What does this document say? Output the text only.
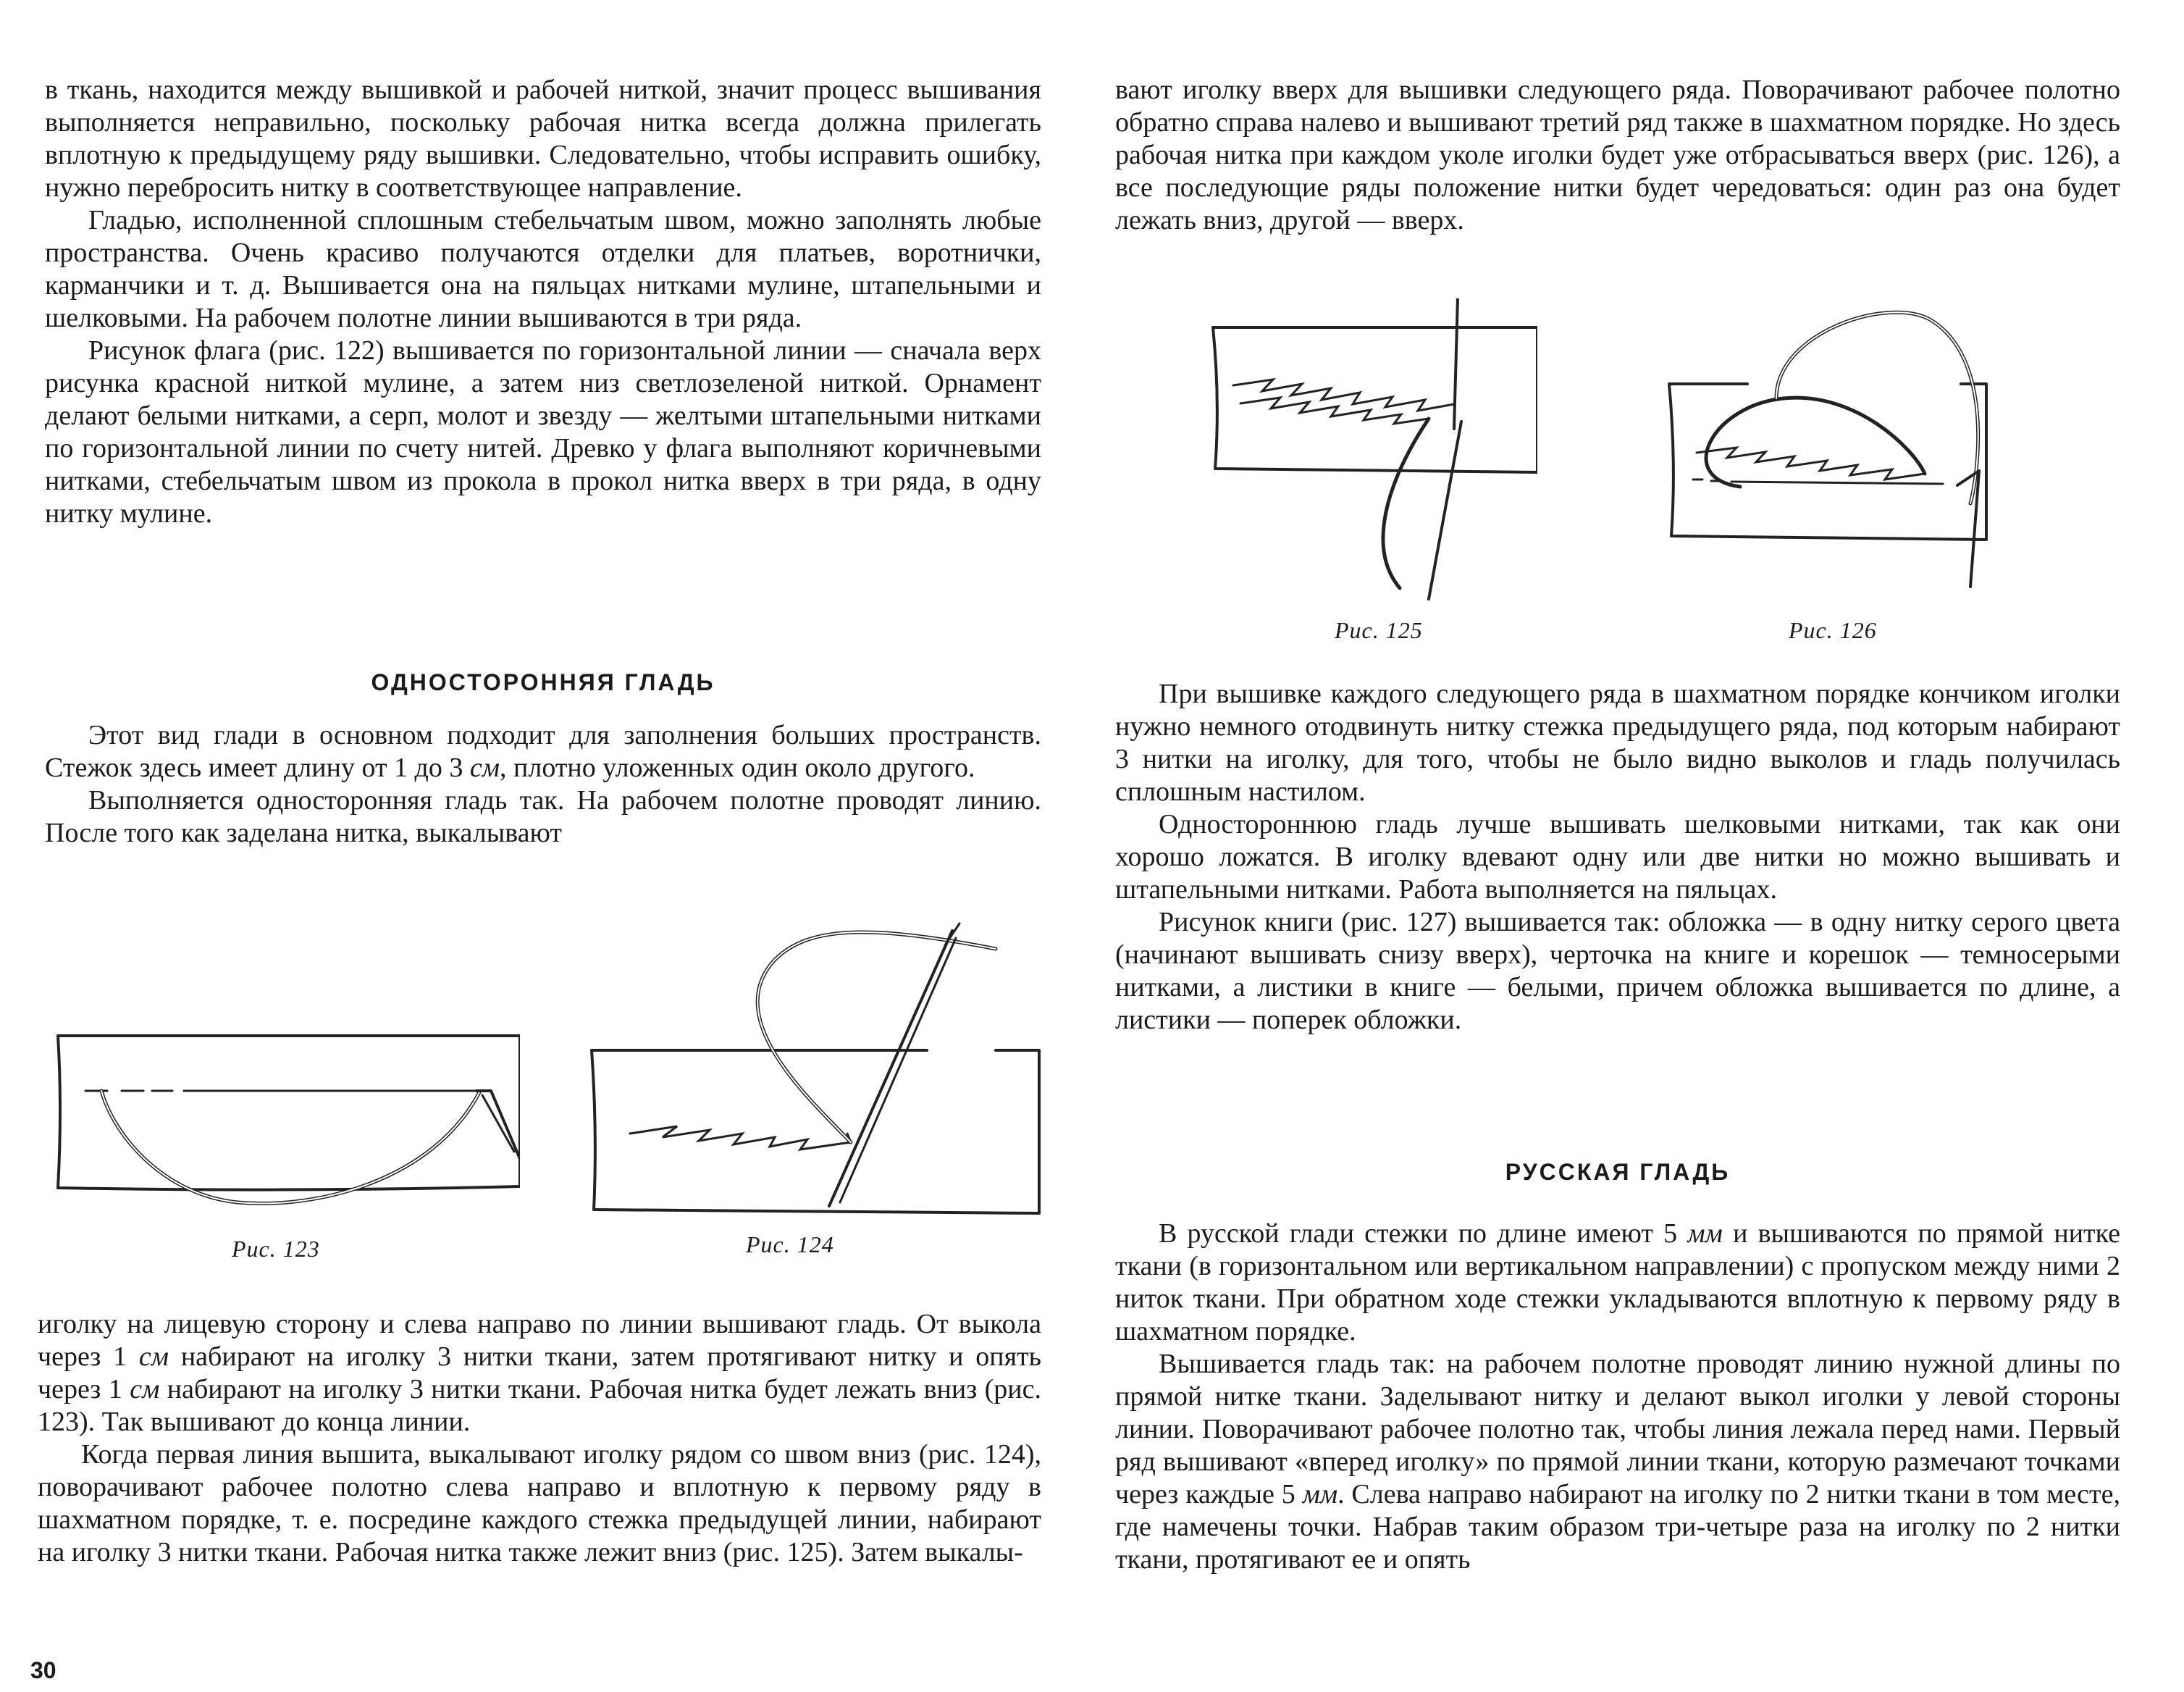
в ткань, находится между вышивкой и рабочей ниткой, значит процесс вышивания выполняется неправильно, поскольку рабочая нитка всегда должна прилегать вплотную к предыдущему ряду вышивки. Следовательно, чтобы исправить ошибку, нужно перебросить нитку в соответствующее направление.

Гладью, исполненной сплошным стебельчатым швом, можно заполнять любые пространства. Очень красиво получаются отделки для платьев, воротнички, карманчики и т. д. Вышивается она на пяльцах нитками мулине, штапельными и шелковыми. На рабочем полотне линии вышиваются в три ряда.

Рисунок флага (рис. 122) вышивается по горизонтальной линии — сначала верх рисунка красной ниткой мулине, а затем низ светлозеленой ниткой. Орнамент делают белыми нитками, а серп, молот и звезду — желтыми штапельными нитками по горизонтальной линии по счету нитей. Древко у флага выполняют коричневыми нитками, стебельчатым швом из прокола в прокол нитка вверх в три ряда, в одну нитку мулине.

ОДНОСТОРОННЯЯ ГЛАДЬ

Этот вид глади в основном подходит для заполнения больших пространств. Стежок здесь имеет длину от 1 до 3 см, плотно уложенных один около другого.

Выполняется односторонняя гладь так. На рабочем полотне проводят линию. После того как заделана нитка, выкалывают

Рис. 123	Рис. 124

иголку на лицевую сторону и слева направо по линии вышивают гладь. От выкола через 1 см набирают на иголку 3 нитки ткани, затем протягивают нитку и опять через 1 см набирают на иголку 3 нитки ткани. Рабочая нитка будет лежать вниз (рис. 123). Так вышивают до конца линии.

Когда первая линия вышита, выкалывают иголку рядом со швом вниз (рис. 124), поворачивают рабочее полотно слева направо и вплотную к первому ряду в шахматном порядке, т. е. посредине каждого стежка предыдущей линии, набирают на иголку 3 нитки ткани. Рабочая нитка также лежит вниз (рис. 125). Затем выкалы-

30

вают иголку вверх для вышивки следующего ряда. Поворачивают рабочее полотно обратно справа налево и вышивают третий ряд также в шахматном порядке. Но здесь рабочая нитка при каждом уколе иголки будет уже отбрасываться вверх (рис. 126), а все последующие ряды положение нитки будет чередоваться: один раз она будет лежать вниз, другой — вверх.

Рис. 125	Рис. 126

При вышивке каждого следующего ряда в шахматном порядке кончиком иголки нужно немного отодвинуть нитку стежка предыдущего ряда, под которым набирают 3 нитки на иголку, для того, чтобы не было видно выколов и гладь получилась сплошным настилом.

Одностороннюю гладь лучше вышивать шелковыми нитками, так как они хорошо ложатся. В иголку вдевают одну или две нитки но можно вышивать и штапельными нитками. Работа выполняется на пяльцах.

Рисунок книги (рис. 127) вышивается так: обложка — в одну нитку серого цвета (начинают вышивать снизу вверх), черточка на книге и корешок — темносерыми нитками, а листики в книге — белыми, причем обложка вышивается по длине, а листики — поперек обложки.

РУССКАЯ ГЛАДЬ

В русской глади стежки по длине имеют 5 мм и вышиваются по прямой нитке ткани (в горизонтальном или вертикальном направлении) с пропуском между ними 2 ниток ткани. При обратном ходе стежки укладываются вплотную к первому ряду в шахматном порядке.

Вышивается гладь так: на рабочем полотне проводят линию нужной длины по прямой нитке ткани. Заделывают нитку и делают выкол иголки у левой стороны линии. Поворачивают рабочее полотно так, чтобы линия лежала перед нами. Первый ряд вышивают «вперед иголку» по прямой линии ткани, которую размечают точками через каждые 5 мм. Слева направо набирают на иголку по 2 нитки ткани в том месте, где намечены точки. Набрав таким образом три-четыре раза на иголку по 2 нитки ткани, протягивают ее и опять
